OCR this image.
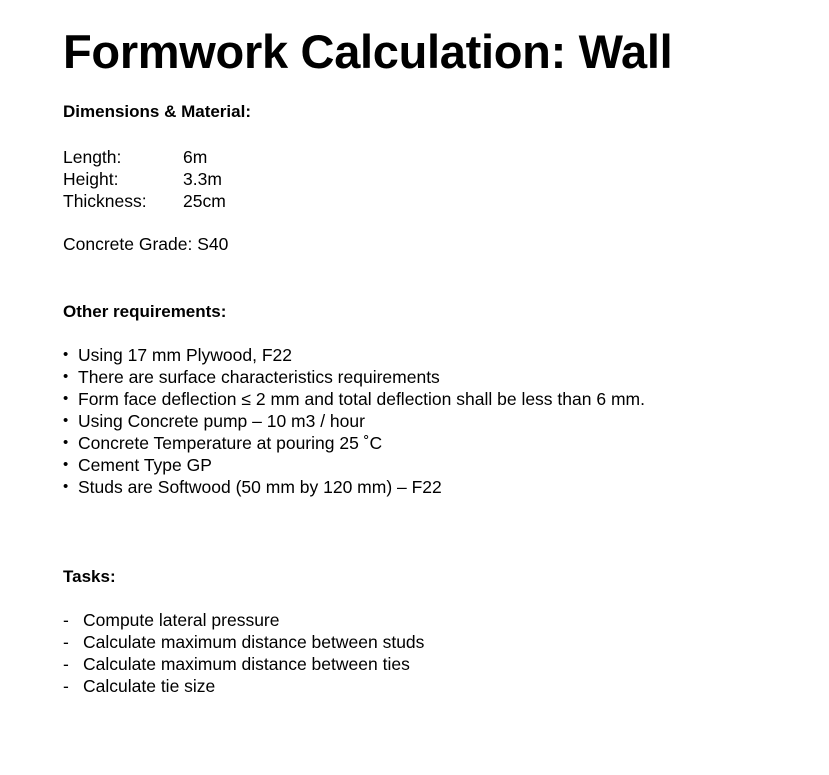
Formwork Calculation: Wall
Dimensions & Material:
Length:	6m
Height:	3.3m
Thickness:	25cm
Concrete Grade: S40
Other requirements:
• Using 17 mm Plywood, F22
• There are surface characteristics requirements
• Form face deflection ≤ 2 mm and total deflection shall be less than 6 mm.
• Using Concrete pump – 10 m3 / hour
• Concrete Temperature at pouring 25 ˚C
• Cement Type GP
• Studs are Softwood (50 mm by 120 mm) – F22
Tasks:
- Compute lateral pressure
- Calculate maximum distance between studs
- Calculate maximum distance between ties
- Calculate tie size
